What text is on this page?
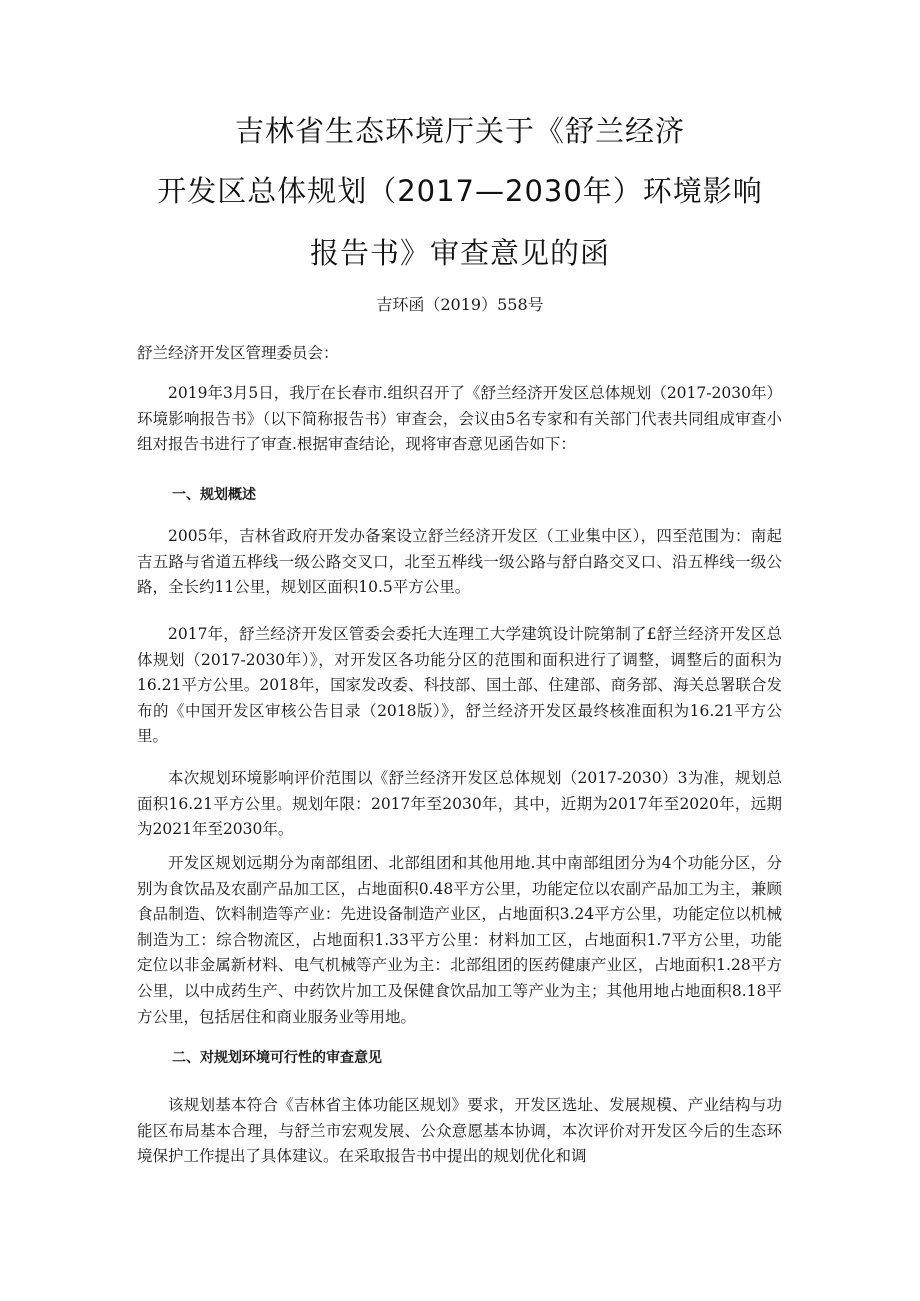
吉林省生态环境厅关于《舒兰经济
开发区总体规划（2017—2030年）环境影响
报告书》审查意见的函
吉环函（2019）558号
舒兰经济开发区管理委员会：

2019年3月5日，我厅在长春市.组织召开了《舒兰经济开发区总体规划（2017-2030年）环境影响报告书》（以下简称报告书）审查会，会议由5名专家和有关部门代表共同组成审查小组对报告书进行了审查.根据审查结论，现将审杳意见函告如下：

一、规划概述

2005年，吉林省政府开发办备案设立舒兰经济开发区（工业集中区），四至范围为：南起吉五路与省道五桦线一级公路交叉口，北至五桦线一级公路与舒白路交叉口、沿五桦线一级公路，全长约11公里，规划区面积10.5平方公里。

2017年，舒兰经济开发区管委会委托大连理工大学建筑设计院第制了£舒兰经济开发区总体规划（2017-2030年）》，对开发区各功能分区的范围和面积进行了调整，调整后的面积为16.21平方公里。2018年，国家发改委、科技部、国土部、住建部、商务部、海关总署联合发布的《中国开发区审核公告目录（2018版）》，舒兰经济开发区最终核准面积为16.21平方公里。

本次规划环境影响评价范围以《舒兰经济开发区总体规划（2017-2030）3为准，规划总面积16.21平方公里。规划年限：2017年至2030年，其中，近期为2017年至2020年，远期为2021年至2030年。

开发区规划远期分为南部组团、北部组团和其他用地.其中南部组团分为4个功能分区，分别为食饮品及农副产品加工区，占地面积0.48平方公里，功能定位以农副产品加工为主，兼顾食品制造、饮料制造等产业：先进设备制造产业区，占地面积3.24平方公里，功能定位以机械制造为工：综合物流区，占地面积1.33平方公里：材料加工区，占地面积1.7平方公里，功能定位以非金属新材料、电气机械等产业为主：北部组团的医药健康产业区，占地面积1.28平方公里，以中成药生产、中药饮片加工及保健食饮品加工等产业为主；其他用地占地面积8.18平方公里，包括居住和商业服务业等用地。

二、对规划环境可行性的审查意见

该规划基本符合《吉林省主体功能区规划》要求，开发区选址、发展规模、产业结构与功能区布局基本合理，与舒兰市宏观发展、公众意愿基本协调，本次评价对开发区今后的生态环境保护工作提出了具体建议。在采取报告书中提出的规划优化和调
